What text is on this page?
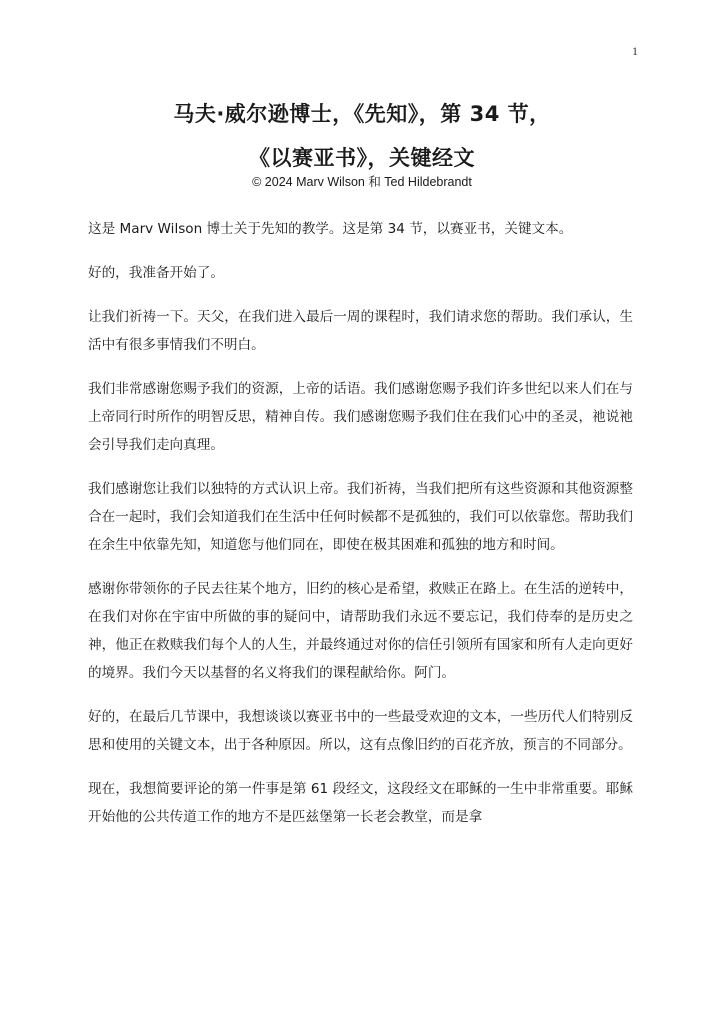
1
马夫·威尔逊博士，《先知》，第 34 节，
《以赛亚书》，关键经文
© 2024 Marv Wilson 和 Ted Hildebrandt

这是 Marv Wilson 博士关于先知的教学。这是第 34 节，以赛亚书，关键文本。

好的，我准备开始了。

让我们祈祷一下。天父，在我们进入最后一周的课程时，我们请求您的帮助。我们承认，生活中有很多事情我们不明白。

我们非常感谢您赐予我们的资源，上帝的话语。我们感谢您赐予我们许多世纪以来人们在与上帝同行时所作的明智反思，精神自传。我们感谢您赐予我们住在我们心中的圣灵，祂说祂会引导我们走向真理。

我们感谢您让我们以独特的方式认识上帝。我们祈祷，当我们把所有这些资源和其他资源整合在一起时，我们会知道我们在生活中任何时候都不是孤独的，我们可以依靠您。帮助我们在余生中依靠先知，知道您与他们同在，即使在极其困难和孤独的地方和时间。

感谢你带领你的子民去往某个地方，旧约的核心是希望，救赎正在路上。在生活的逆转中，在我们对你在宇宙中所做的事的疑问中，请帮助我们永远不要忘记，我们侍奉的是历史之神，他正在救赎我们每个人的人生，并最终通过对你的信任引领所有国家和所有人走向更好的境界。我们今天以基督的名义将我们的课程献给你。阿门。

好的，在最后几节课中，我想谈谈以赛亚书中的一些最受欢迎的文本，一些历代人们特别反思和使用的关键文本，出于各种原因。所以，这有点像旧约的百花齐放，预言的不同部分。

现在，我想简要评论的第一件事是第 61 段经文，这段经文在耶稣的一生中非常重要。耶稣开始他的公共传道工作的地方不是匹兹堡第一长老会教堂，而是拿
